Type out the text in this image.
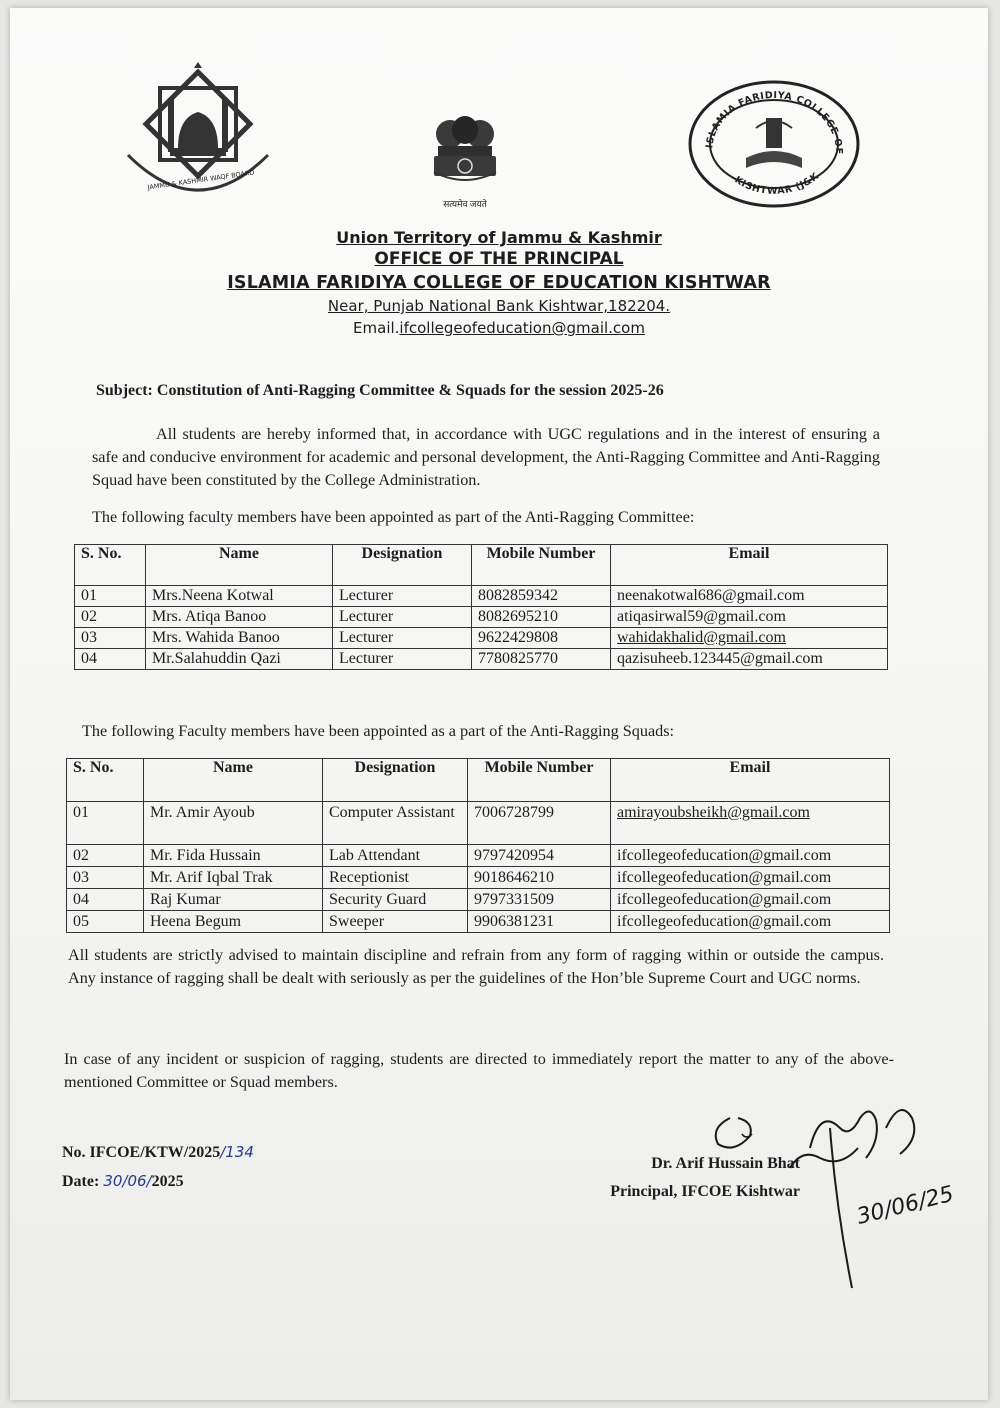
JAMMU & KASHMIR WAQF BOARD
सत्यमेव जयते
ISLAMIA FARIDIYA COLLEGE OF
KISHTWAR (J&K
Union Territory of Jammu & Kashmir
OFFICE OF THE PRINCIPAL
ISLAMIA FARIDIYA COLLEGE OF EDUCATION KISHTWAR
Near, Punjab National Bank Kishtwar,182204.
Email.ifcollegeofeducation@gmail.com
Subject: Constitution of Anti-Ragging Committee & Squads for the session 2025-26
All students are hereby informed that, in accordance with UGC regulations and in the interest of ensuring a safe and conducive environment for academic and personal development, the Anti-Ragging Committee and Anti-Ragging Squad have been constituted by the College Administration.
The following faculty members have been appointed as part of the Anti-Ragging Committee:
S. No.	Name	Designation	Mobile Number	Email
01	Mrs.Neena Kotwal	Lecturer	8082859342	neenakotwal686@gmail.com
02	Mrs. Atiqa Banoo	Lecturer	8082695210	atiqasirwal59@gmail.com
03	Mrs. Wahida Banoo	Lecturer	9622429808	wahidakhalid@gmail.com
04	Mr.Salahuddin Qazi	Lecturer	7780825770	qazisuheeb.123445@gmail.com
The following Faculty members have been appointed as a part of the Anti-Ragging Squads:
S. No.	Name	Designation	Mobile Number	Email
01	Mr. Amir Ayoub	Computer Assistant	7006728799	amirayoubsheikh@gmail.com
02	Mr. Fida Hussain	Lab Attendant	9797420954	ifcollegeofeducation@gmail.com
03	Mr. Arif Iqbal Trak	Receptionist	9018646210	ifcollegeofeducation@gmail.com
04	Raj Kumar	Security Guard	9797331509	ifcollegeofeducation@gmail.com
05	Heena Begum	Sweeper	9906381231	ifcollegeofeducation@gmail.com
All students are strictly advised to maintain discipline and refrain from any form of ragging within or outside the campus. Any instance of ragging shall be dealt with seriously as per the guidelines of the Hon’ble Supreme Court and UGC norms.
In case of any incident or suspicion of ragging, students are directed to immediately report the matter to any of the above-mentioned Committee or Squad members.
No. IFCOE/KTW/2025/134
Date: 30/06/2025
Dr. Arif Hussain Bhat
Principal, IFCOE Kishtwar 30/06/25
